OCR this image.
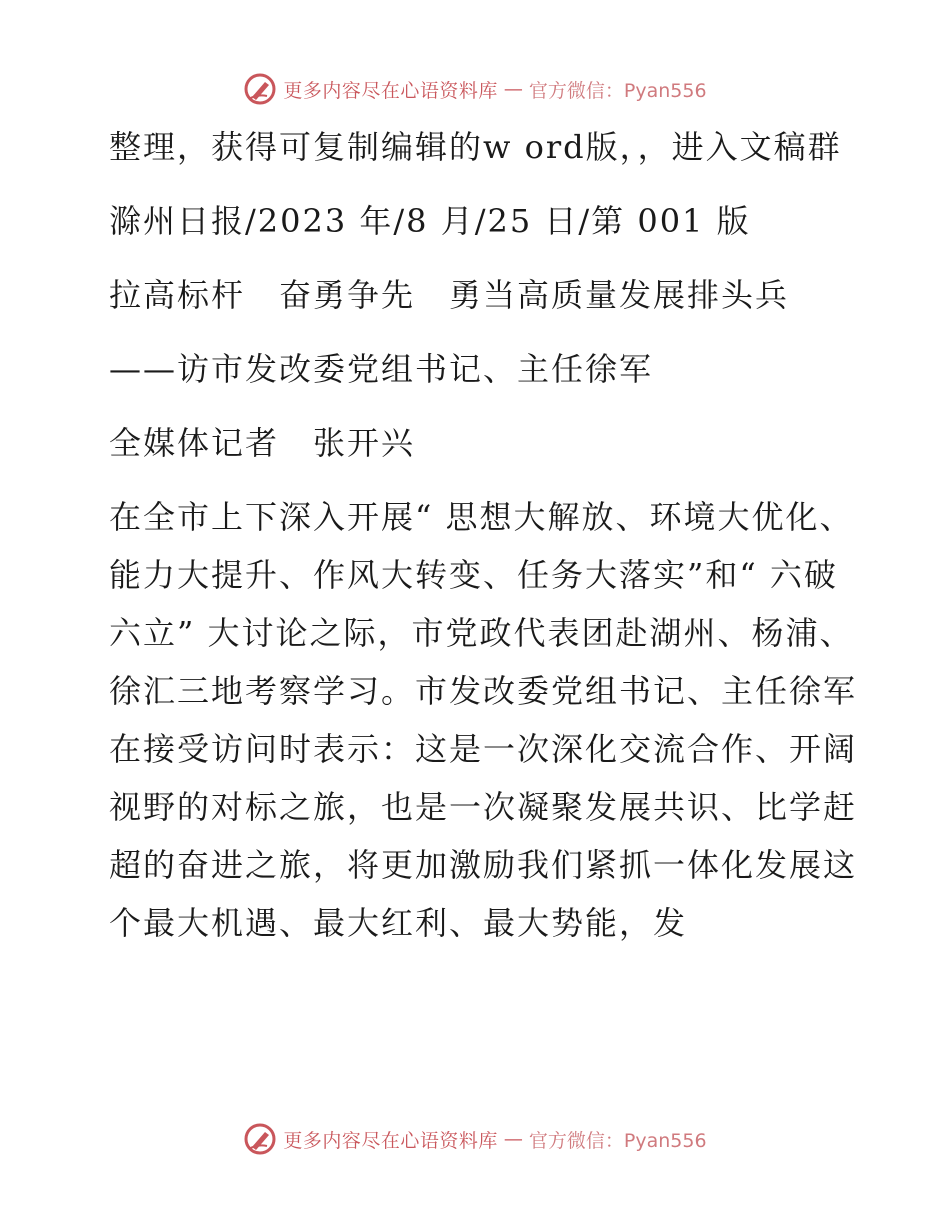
更多内容尽在心语资料库 — 官方微信：Pyan556

整理，获得可复制编辑的w ord版，，进入文稿群

滁州日报/2023 年/8 月/25 日/第 001 版

拉高标杆　奋勇争先　勇当高质量发展排头兵

——访市发改委党组书记、主任徐军

全媒体记者　张开兴

在全市上下深入开展“ 思想大解放、环境大优化、能力大提升、作风大转变、任务大落实”和“ 六破六立” 大讨论之际，市党政代表团赴湖州、杨浦、徐汇三地考察学习。市发改委党组书记、主任徐军在接受访问时表示：这是一次深化交流合作、开阔视野的对标之旅，也是一次凝聚发展共识、比学赶超的奋进之旅，将更加激励我们紧抓一体化发展这个最大机遇、最大红利、最大势能，发

更多内容尽在心语资料库 — 官方微信：Pyan556
